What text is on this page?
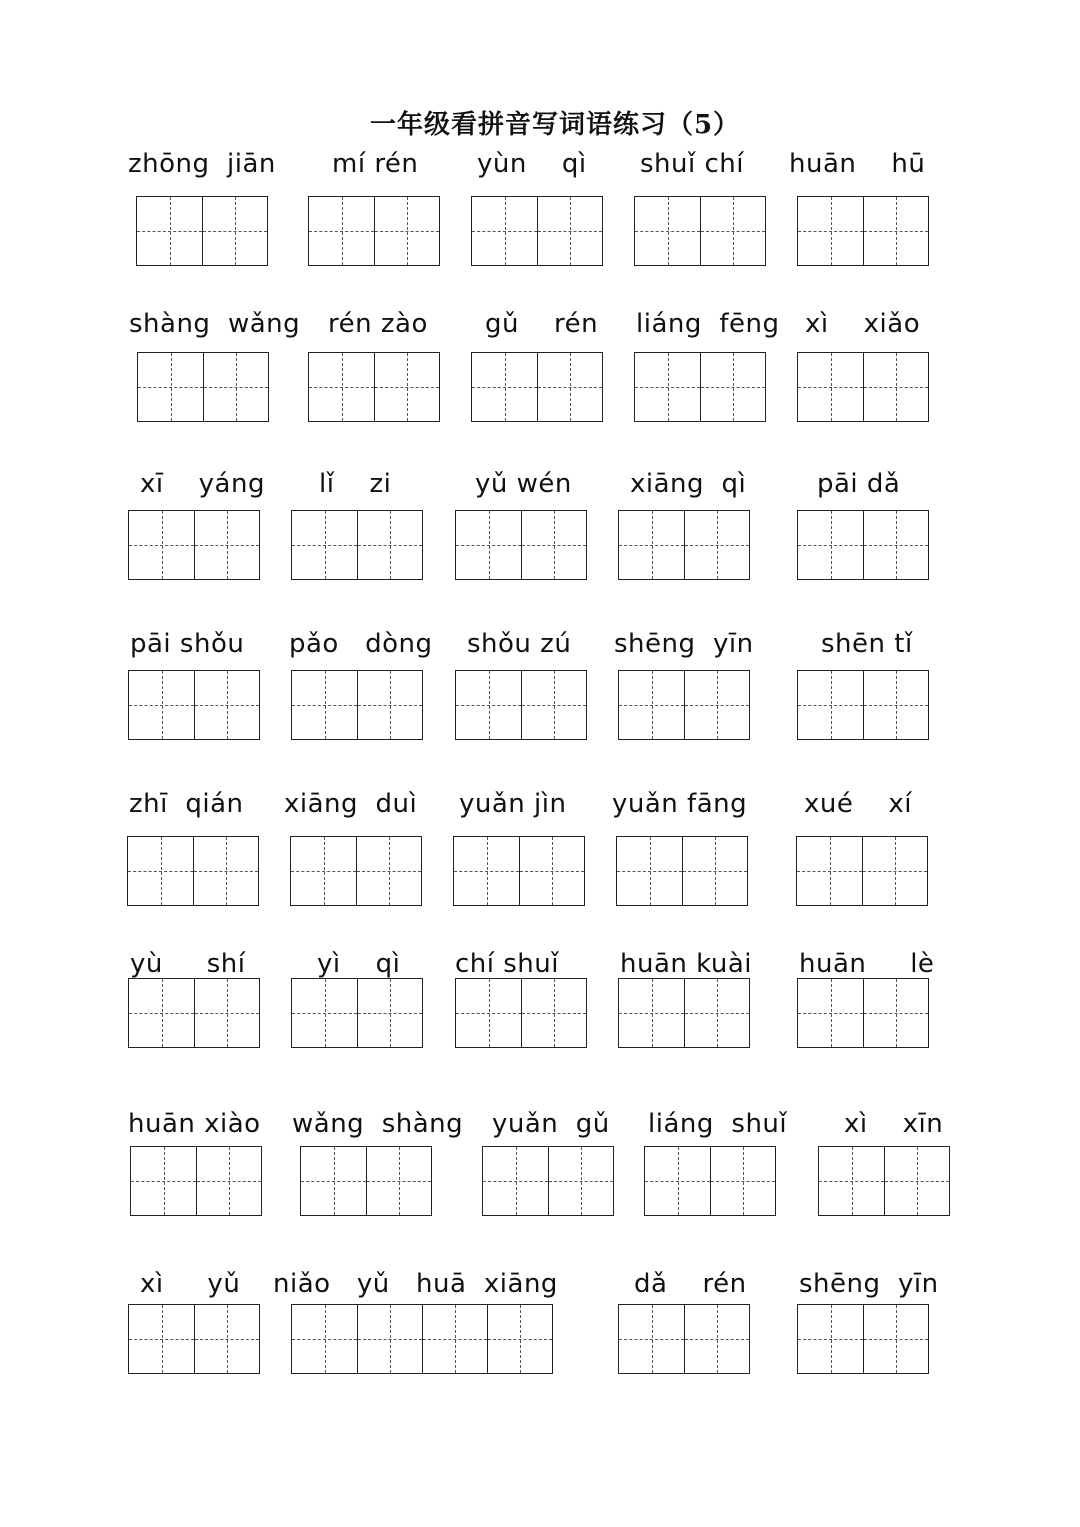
一年级看拼音写词语练习（5）
zhōng  jiān mí rén yùn    qì shuǐ chí huān    hū
shàng  wǎng rén zào gǔ    rén liáng  fēng xì    xiǎo
xī    yáng lǐ    zi	yǔ wén xiāng  qì	pāi dǎ
pāi shǒu pǎo   dòng shǒu zú shēng  yīn	shēn tǐ
zhī  qián xiāng  duì yuǎn jìn yuǎn fāng xué    xí
yù     shí	yì    qì chí shuǐ huān kuài huān     lè
huān xiào wǎng  shàng yuǎn  gǔ liáng  shuǐ xì    xīn
xì     yǔ niǎo   yǔ   huā  xiāng	dǎ    rén shēng  yīn
